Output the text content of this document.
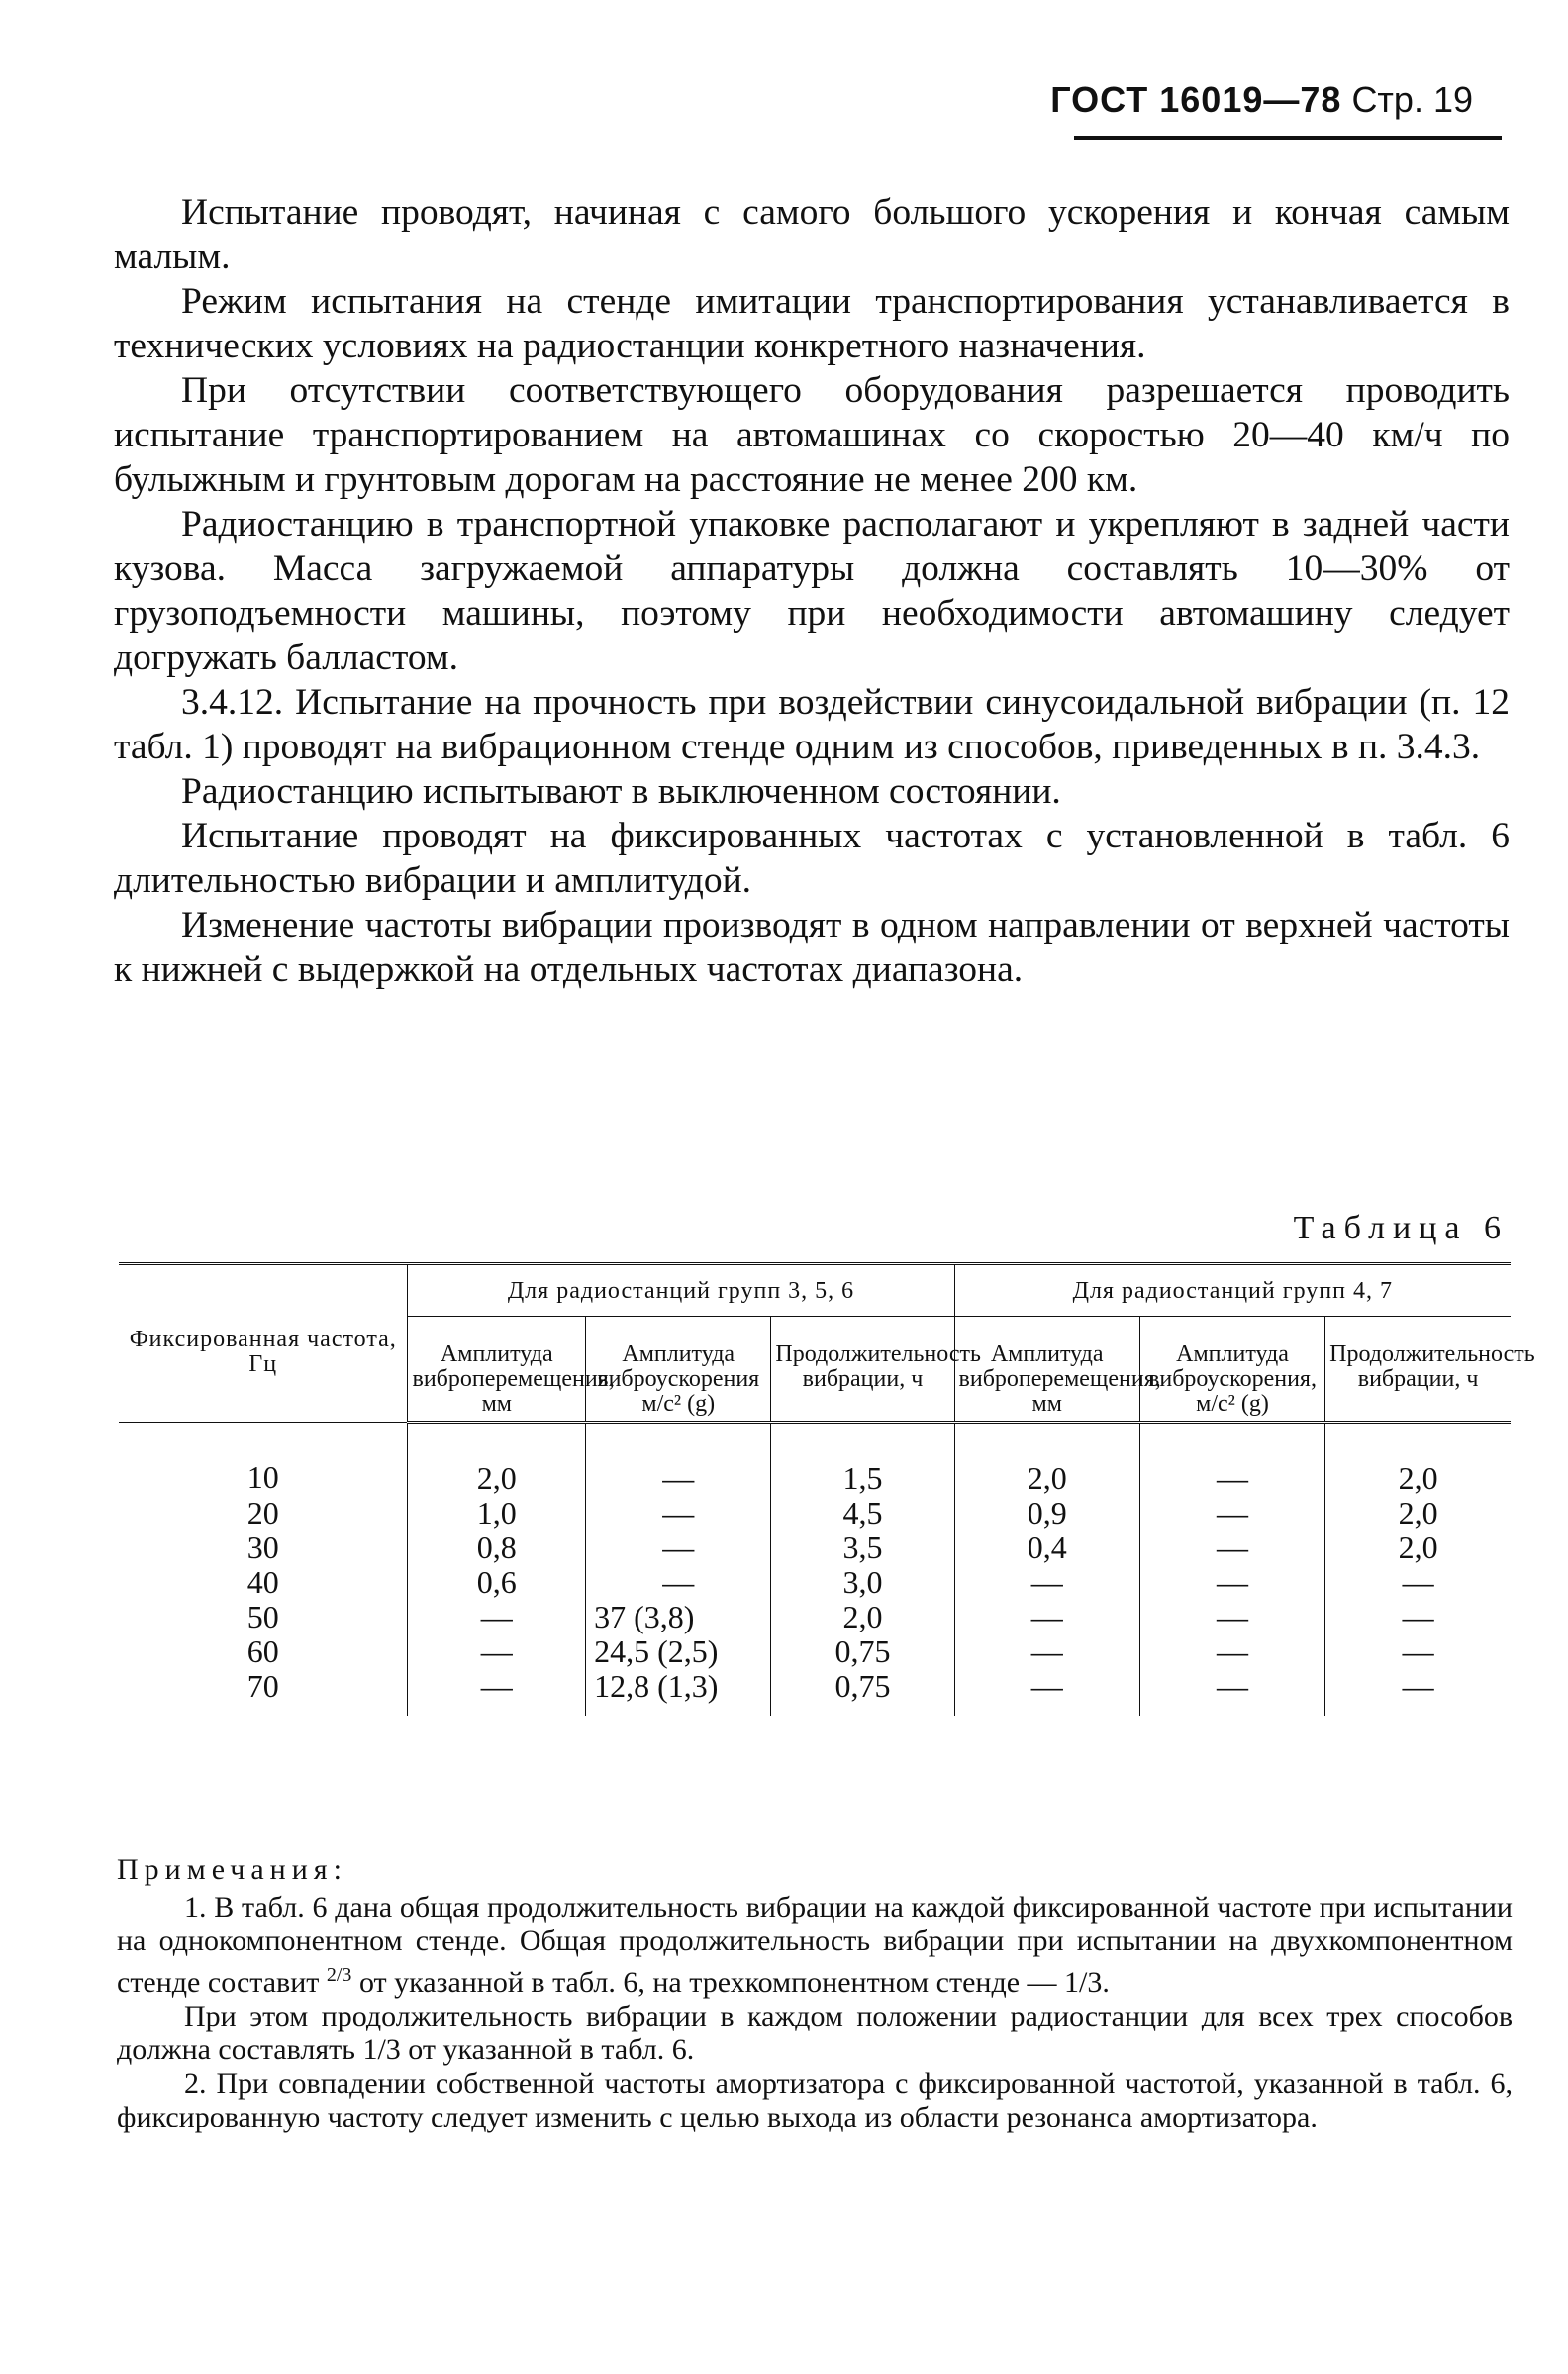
ГОСТ 16019—78 Стр. 19

Испытание проводят, начиная с самого большого ускорения и кончая самым малым.

Режим испытания на стенде имитации транспортирования устанавливается в технических условиях на радиостанции конкретного назначения.

При отсутствии соответствующего оборудования разрешается проводить испытание транспортированием на автомашинах со скоростью 20—40 км/ч по булыжным и грунтовым дорогам на расстояние не менее 200 км.

Радиостанцию в транспортной упаковке располагают и укрепляют в задней части кузова. Масса загружаемой аппаратуры должна составлять 10—30% от грузоподъемности машины, поэтому при необходимости автомашину следует догружать балластом.

3.4.12. Испытание на прочность при воздействии синусоидальной вибрации (п. 12 табл. 1) проводят на вибрационном стенде одним из способов, приведенных в п. 3.4.3.

Радиостанцию испытывают в выключенном состоянии.

Испытание проводят на фиксированных частотах с установленной в табл. 6 длительностью вибрации и амплитудой.

Изменение частоты вибрации производят в одном направлении от верхней частоты к нижней с выдержкой на отдельных частотах диапазона.

Таблица 6
Фиксированная частота, Гц	Для радиостанций групп 3, 5, 6			Для радиостанций групп 4, 7		
	Амплитуда виброперемещения, мм	Амплитуда виброускорения м/с² (g)	Продолжительность вибрации, ч	Амплитуда виброперемещения, мм	Амплитуда виброускорения, м/с² (g)	Продолжительность вибрации, ч
10	2,0	—	1,5	2,0	—	2,0
20	1,0	—	4,5	0,9	—	2,0
30	0,8	—	3,5	0,4	—	2,0
40	0,6	—	3,0	—	—	—
50	—	37 (3,8)	2,0	—	—	—
60	—	24,5 (2,5)	0,75	—	—	—
70	—	12,8 (1,3)	0,75	—	—	—

Примечания:

1. В табл. 6 дана общая продолжительность вибрации на каждой фиксированной частоте при испытании на однокомпонентном стенде. Общая продолжительность вибрации при испытании на двухкомпонентном стенде составит $^{2/3}$ от указанной в табл. 6, на трехкомпонентном стенде — 1/3.

При этом продолжительность вибрации в каждом положении радиостанции для всех трех способов должна составлять 1/3 от указанной в табл. 6.

2. При совпадении собственной частоты амортизатора с фиксированной частотой, указанной в табл. 6, фиксированную частоту следует изменить с целью выхода из области резонанса амортизатора.
